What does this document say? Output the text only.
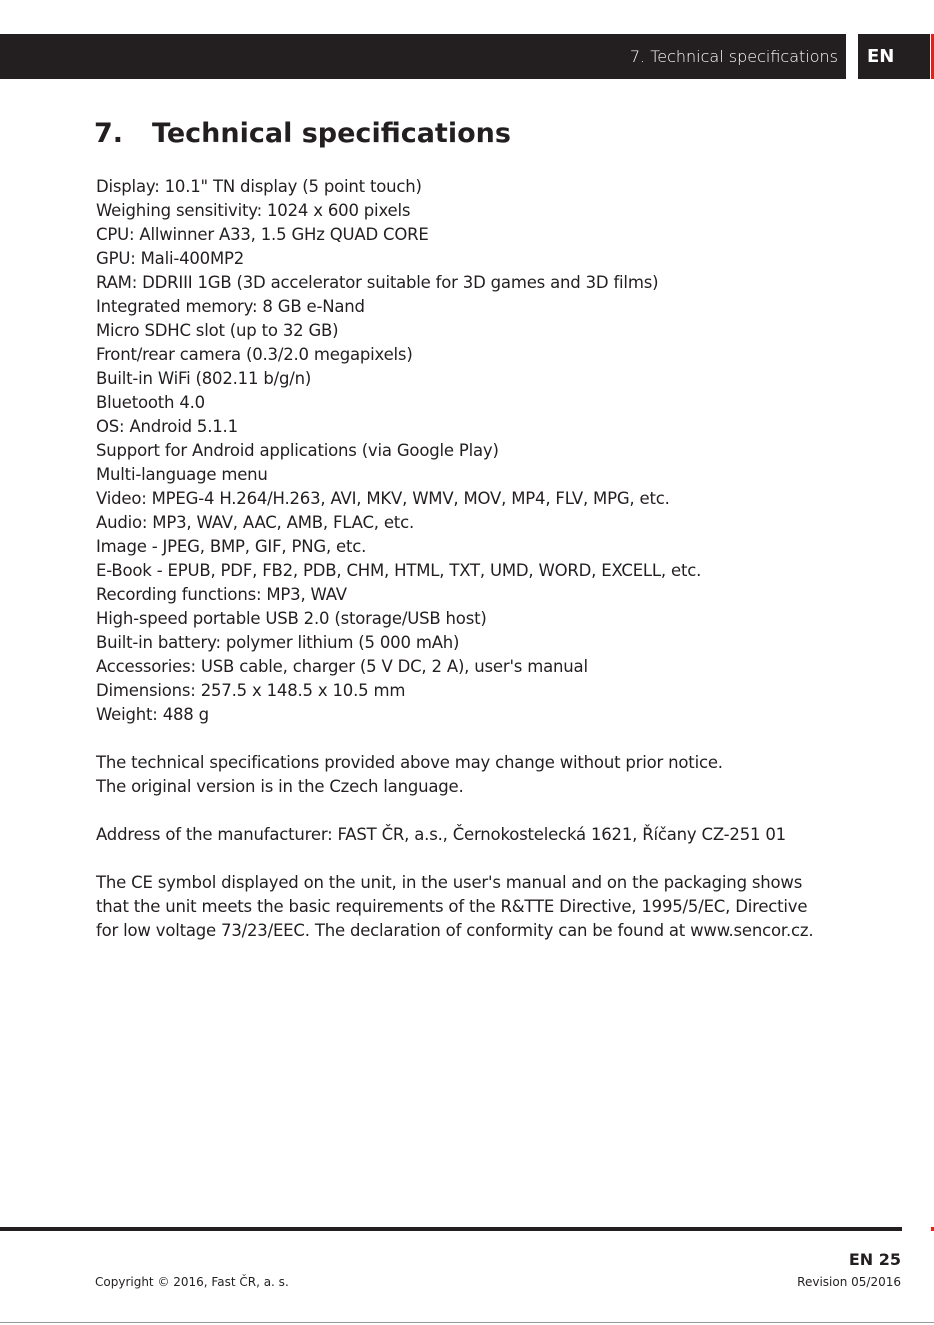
7. Technical specifications	EN
7. Technical specifications
Display: 10.1" TN display (5 point touch)
Weighing sensitivity: 1024 x 600 pixels
CPU: Allwinner A33, 1.5 GHz QUAD CORE
GPU: Mali-400MP2
RAM: DDRIII 1GB (3D accelerator suitable for 3D games and 3D films)
Integrated memory: 8 GB e-Nand
Micro SDHC slot (up to 32 GB)
Front/rear camera (0.3/2.0 megapixels)
Built-in WiFi (802.11 b/g/n)
Bluetooth 4.0
OS: Android 5.1.1
Support for Android applications (via Google Play)
Multi-language menu
Video: MPEG-4 H.264/H.263, AVI, MKV, WMV, MOV, MP4, FLV, MPG, etc.
Audio: MP3, WAV, AAC, AMB, FLAC, etc.
Image - JPEG, BMP, GIF, PNG, etc.
E-Book - EPUB, PDF, FB2, PDB, CHM, HTML, TXT, UMD, WORD, EXCELL, etc.
Recording functions: MP3, WAV
High-speed portable USB 2.0 (storage/USB host)
Built-in battery: polymer lithium (5 000 mAh)
Accessories: USB cable, charger (5 V DC, 2 A), user's manual
Dimensions: 257.5 x 148.5 x 10.5 mm
Weight: 488 g
The technical specifications provided above may change without prior notice.
The original version is in the Czech language.
Address of the manufacturer: FAST ČR, a.s., Černokostelecká 1621, Říčany CZ-251 01
The CE symbol displayed on the unit, in the user's manual and on the packaging shows
that the unit meets the basic requirements of the R&TTE Directive, 1995/5/EC, Directive
for low voltage 73/23/EEC. The declaration of conformity can be found at www.sencor.cz.
EN 25
Copyright © 2016, Fast ČR, a. s.	Revision 05/2016
